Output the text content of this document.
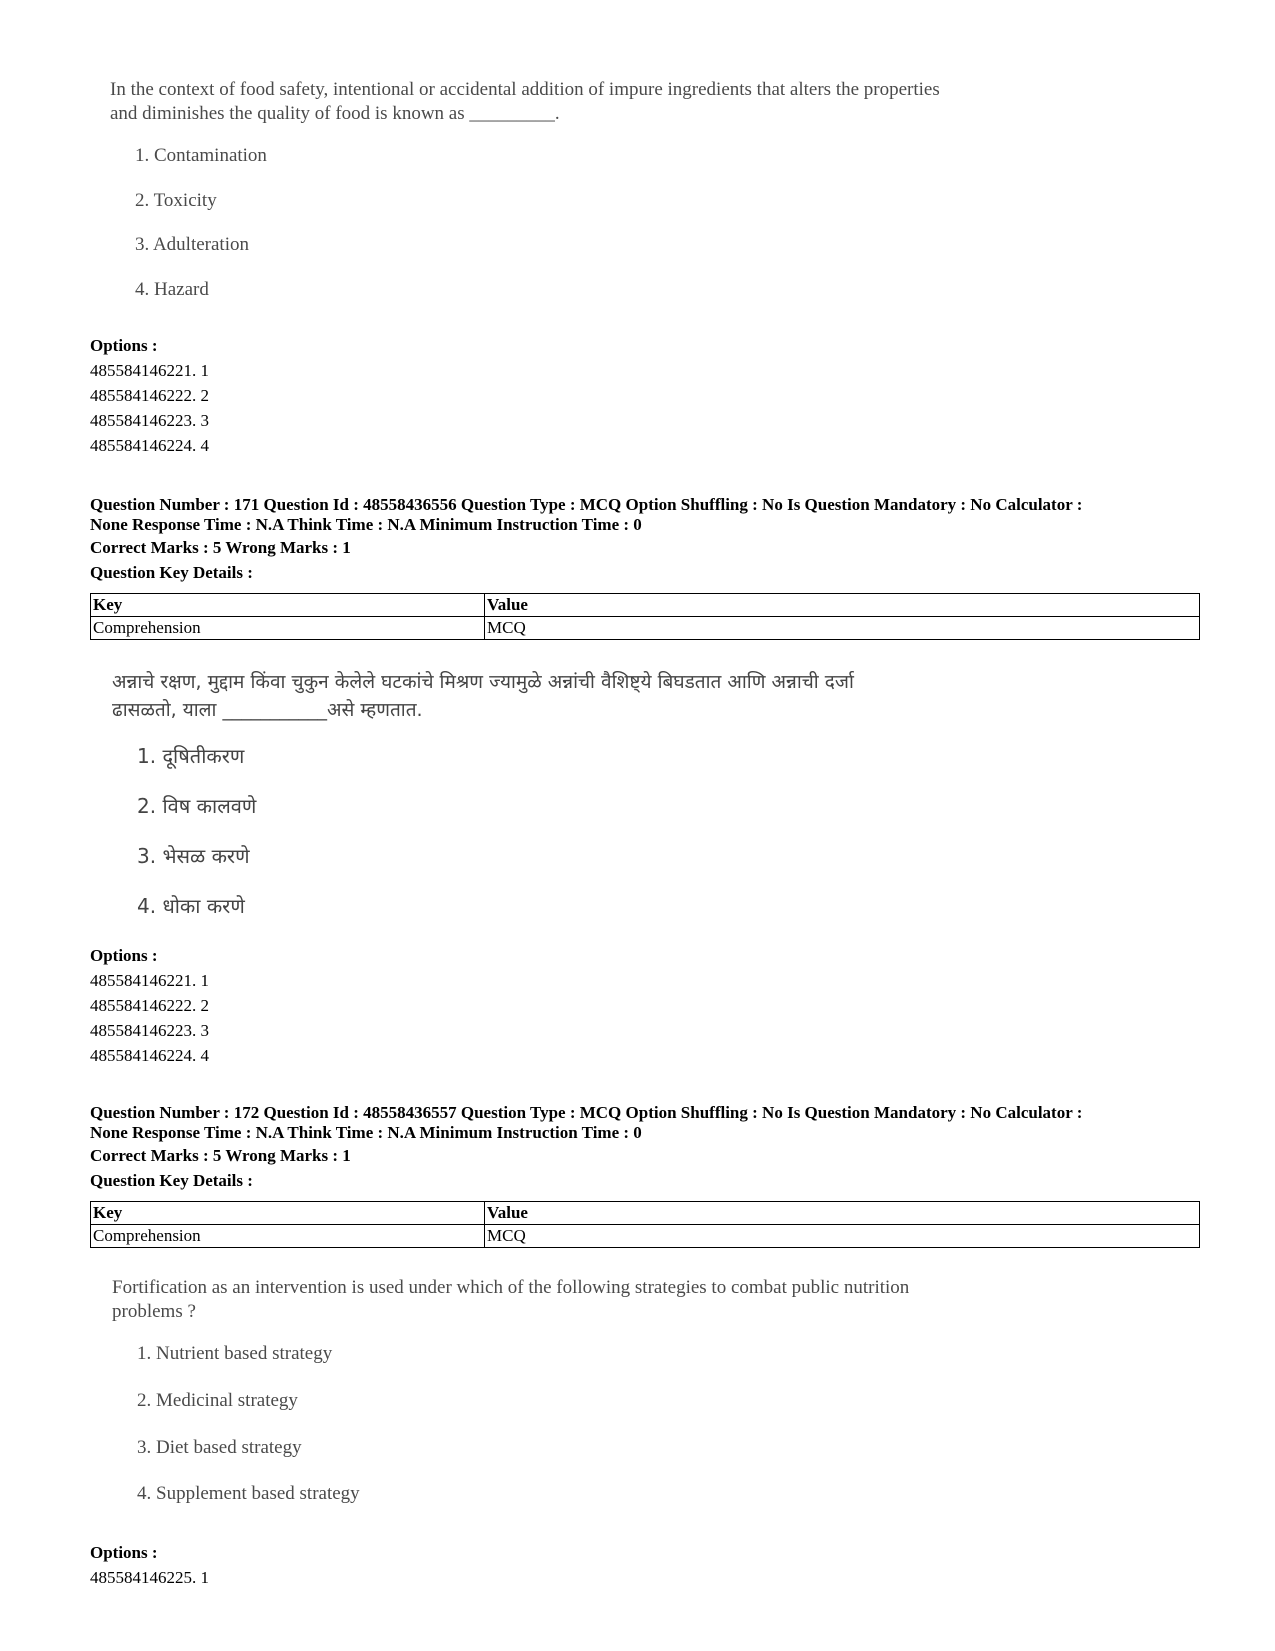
In the context of food safety, intentional or accidental addition of impure ingredients that alters the properties

and diminishes the quality of food is known as _________.

1. Contamination

2. Toxicity

3. Adulteration

4. Hazard

Options :

485584146221. 1

485584146222. 2

485584146223. 3

485584146224. 4

Question Number : 171 Question Id : 48558436556 Question Type : MCQ Option Shuffling : No Is Question Mandatory : No Calculator :

None Response Time : N.A Think Time : N.A Minimum Instruction Time : 0

Correct Marks : 5 Wrong Marks : 1

Question Key Details :

Key	Value
Comprehension	MCQ

अन्नाचे रक्षण, मुद्दाम किंवा चुकुन केलेले घटकांचे मिश्रण ज्यामुळे अन्नांची वैशिष्ट्ये बिघडतात आणि अन्नाची दर्जा

ढासळतो, याला ___________असे म्हणतात.

1. दूषितीकरण

2. विष कालवणे

3. भेसळ करणे

4. धोका करणे

Options :

485584146221. 1

485584146222. 2

485584146223. 3

485584146224. 4

Question Number : 172 Question Id : 48558436557 Question Type : MCQ Option Shuffling : No Is Question Mandatory : No Calculator :

None Response Time : N.A Think Time : N.A Minimum Instruction Time : 0

Correct Marks : 5 Wrong Marks : 1

Question Key Details :

Key	Value
Comprehension	MCQ

Fortification as an intervention is used under which of the following strategies to combat public nutrition

problems ?

1. Nutrient based strategy

2. Medicinal strategy

3. Diet based strategy

4. Supplement based strategy

Options :

485584146225. 1
